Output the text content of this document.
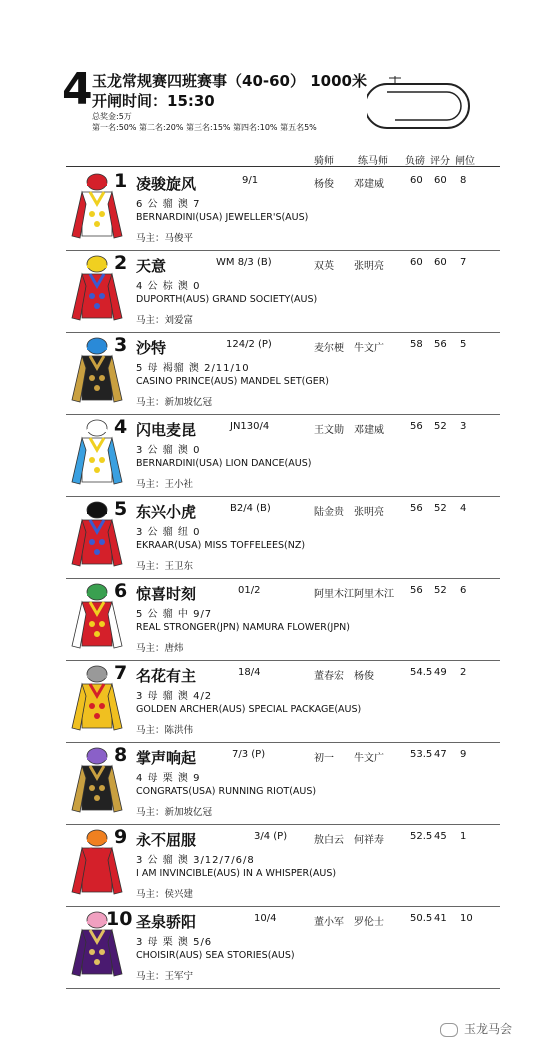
4 玉龙常规赛四班赛事（40-60） 1000米
开闸时间：15:30
总奖金:5万
第一名:50% 第二名:20% 第三名:15% 第四名:10% 第五名5%
骑师 练马师 负磅 评分 闸位
1 凌骏旋风	9/1	杨俊 邓建威	60 60 8
6 公 骝 澳 7
BERNARDINI(USA) JEWELLER'S(AUS)
马主：马俊平
2 天意	WM 8/3 (B)	双英 张明亮	60 60 7
4 公 棕 澳 0
DUPORTH(AUS) GRAND SOCIETY(AUS)
马主：刘爱富
3 沙特	124/2 (P)	麦尔梗 牛文广	58 56 5
5 母 褐骝 澳 2/11/10
CASINO PRINCE(AUS) MANDEL SET(GER)
马主：新加坡亿冠
4 闪电麦昆	JN130/4	王文勋 邓建威	56 52 3
3 公 骝 澳 0
BERNARDINI(USA) LION DANCE(AUS)
马主：王小社
5 东兴小虎	B2/4 (B)	陆金贵 张明亮	56 52 4
3 公 骝 纽 0
EKRAAR(USA) MISS TOFFELEES(NZ)
马主：王卫东
6 惊喜时刻	01/2	阿里木江 阿里木江 56 52 6
5 公 骝 中 9/7
REAL STRONGER(JPN) NAMURA FLOWER(JPN)
马主：唐炜
7 名花有主	18/4	董春宏 杨俊	54.5 49 2
3 母 骝 澳 4/2
GOLDEN ARCHER(AUS) SPECIAL PACKAGE(AUS)
马主：陈洪伟
8 掌声响起	7/3 (P)	初一 牛文广	53.5 47 9
4 母 栗 澳 9
CONGRATS(USA) RUNNING RIOT(AUS)
马主：新加坡亿冠
9 永不屈服	3/4 (P)	敖白云 何祥寿	52.5 45 1
3 公 骝 澳 3/12/7/6/8
I AM INVINCIBLE(AUS) IN A WHISPER(AUS)
马主：侯兴建
10 圣泉骄阳	10/4	董小军 罗伦士	50.5 41 10
3 母 栗 澳 5/6
CHOISIR(AUS) SEA STORIES(AUS)
马主：王军宁
玉龙马会
